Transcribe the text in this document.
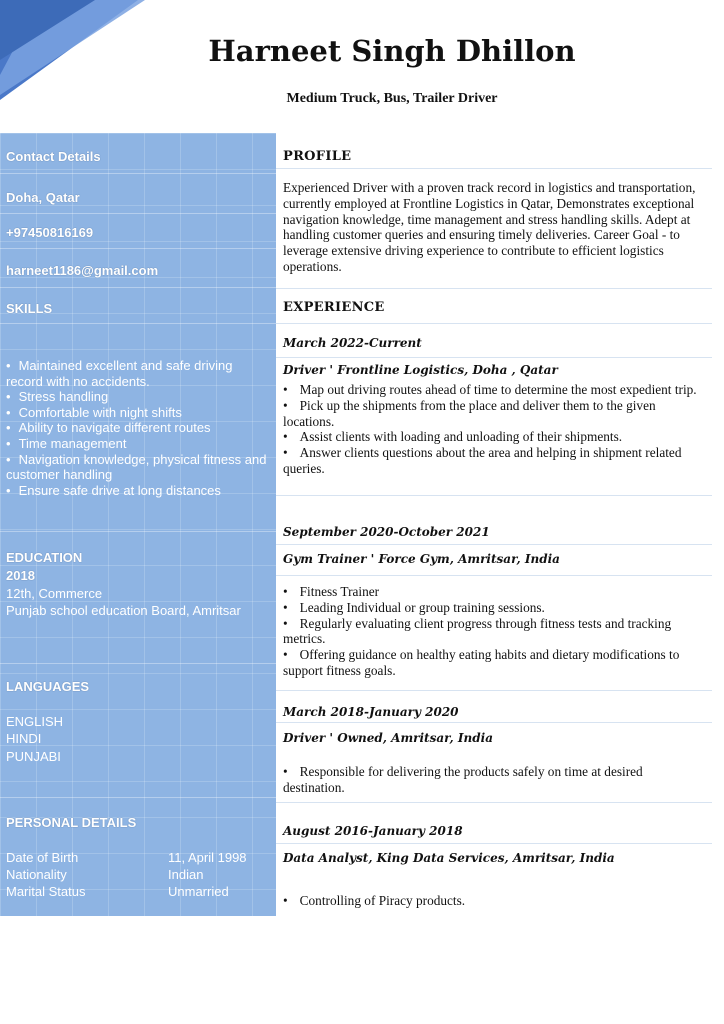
Harneet Singh Dhillon
Medium Truck, Bus, Trailer Driver
Contact Details
Doha, Qatar
+97450816169
harneet1186@gmail.com
SKILLS
• Maintained excellent and safe driving record with no accidents.
• Stress handling
• Comfortable with night shifts
• Ability to navigate different routes
• Time management
• Navigation knowledge, physical fitness and customer handling
• Ensure safe drive at long distances
EDUCATION
2018
12th, Commerce
Punjab school education Board, Amritsar
LANGUAGES
ENGLISH
HINDI
PUNJABI
PERSONAL DETAILS
Date of Birth	11, April 1998
Nationality	Indian
Marital Status	Unmarried
PROFILE
Experienced Driver with a proven track record in logistics and transportation, currently employed at Frontline Logistics in Qatar, Demonstrates exceptional navigation knowledge, time management and stress handling skills. Adept at handling customer queries and ensuring timely deliveries. Career Goal - to leverage extensive driving experience to contribute to efficient logistics operations.
EXPERIENCE
March 2022-Current
Driver ' Frontline Logistics, Doha , Qatar
• Map out driving routes ahead of time to determine the most expedient trip.
• Pick up the shipments from the place and deliver them to the given locations.
• Assist clients with loading and unloading of their shipments.
• Answer clients questions about the area and helping in shipment related queries.
September 2020-October 2021
Gym Trainer ' Force Gym, Amritsar, India
• Fitness Trainer
• Leading Individual or group training sessions.
• Regularly evaluating client progress through fitness tests and tracking metrics.
• Offering guidance on healthy eating habits and dietary modifications to support fitness goals.
March 2018-January 2020
Driver ' Owned, Amritsar, India
• Responsible for delivering the products safely on time at desired destination.
August 2016-January 2018
Data Analyst, King Data Services, Amritsar, India
• Controlling of Piracy products.
